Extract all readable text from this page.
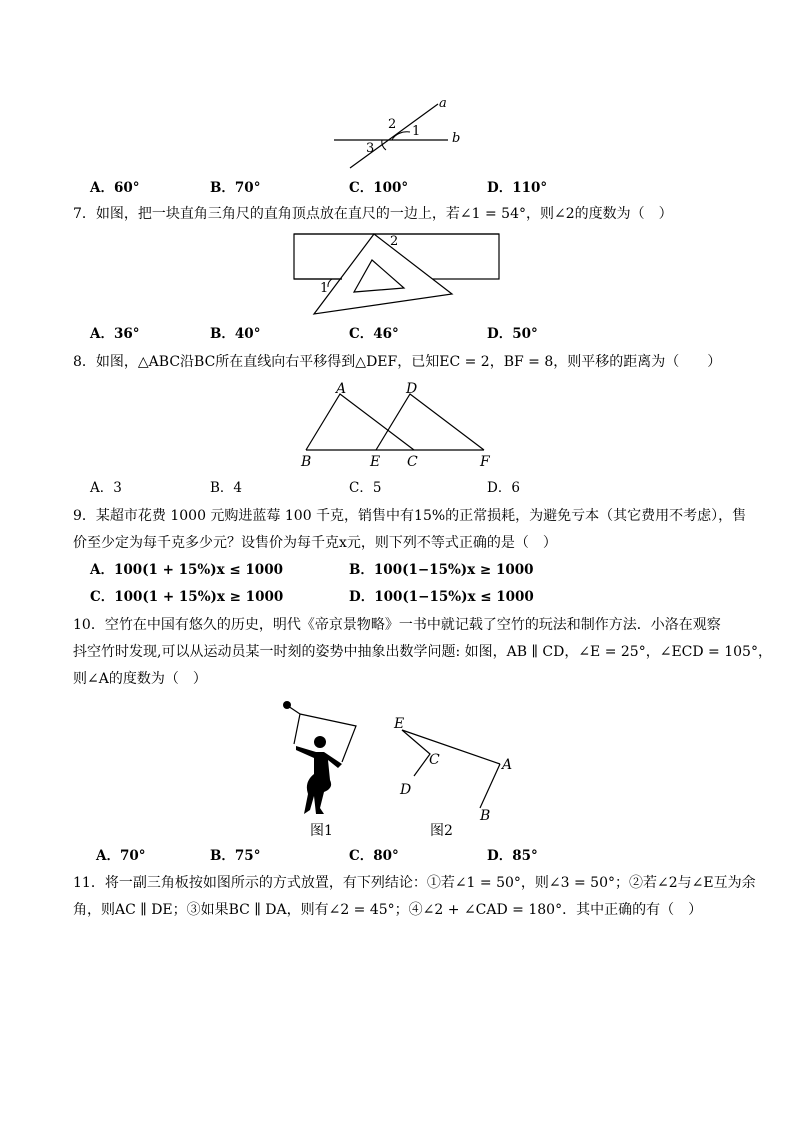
a
b
1
2
3
A．60°	B．70°	C．100°	D．110°
7．如图，把一块直角三角尺的直角顶点放在直尺的一边上，若∠1 = 54°，则∠2的度数为（　）
1
2
A．36°	B．40°	C．46°	D．50°
8．如图，△ABC沿BC所在直线向右平移得到△DEF，已知EC = 2，BF = 8，则平移的距离为（　　）
A	D
B	E C	F
A．3	B．4	C．5	D．6
9．某超市花费 1000 元购进蓝莓 100 千克，销售中有15%的正常损耗，为避免亏本（其它费用不考虑），售
价至少定为每千克多少元？设售价为每千克x元，则下列不等式正确的是（　）
A．100(1 + 15%)x ≤ 1000	B．100(1−15%)x ≥ 1000
C．100(1 + 15%)x ≥ 1000	D．100(1−15%)x ≤ 1000
10．空竹在中国有悠久的历史，明代《帝京景物略》一书中就记载了空竹的玩法和制作方法．小洛在观察
抖空竹时发现,可以从运动员某一时刻的姿势中抽象出数学问题: 如图，AB ∥ CD，∠E = 25°，∠ECD = 105°，
则∠A的度数为（　）
图1
E
C
D
A
B
图2
A．70°	B．75°	C．80°	D．85°
11．将一副三角板按如图所示的方式放置，有下列结论：①若∠1 = 50°，则∠3 = 50°；②若∠2与∠E互为余
角，则AC ∥ DE；③如果BC ∥ DA，则有∠2 = 45°；④∠2 + ∠CAD = 180°．其中正确的有（　）
